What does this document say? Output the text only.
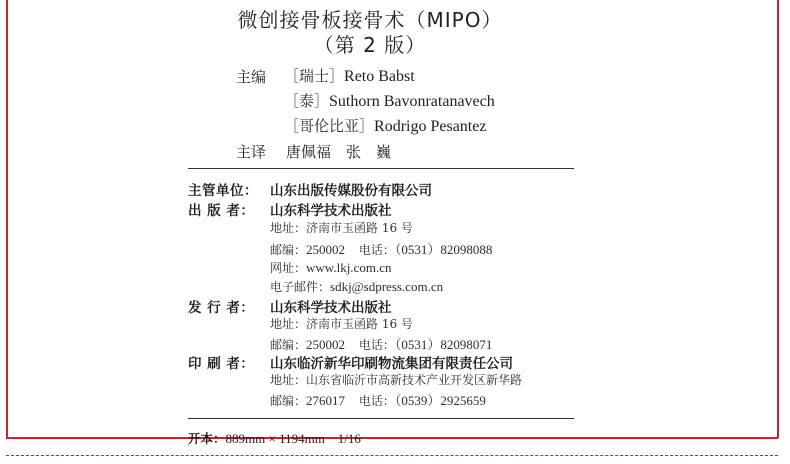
微创接骨板接骨术（MIPO）
（第 2 版）
主编 ［瑞士］Reto Babst
［泰］Suthorn Bavonratanavech
［哥伦比亚］Rodrigo Pesantez
主译 唐佩福　张　巍
主管单位： 山东出版传媒股份有限公司
出 版 者： 山东科学技术出版社
地址：济南市玉函路 16 号
邮编：250002 电话：（0531）82098088
网址：www.lkj.com.cn
电子邮件：sdkj@sdpress.com.cn
发 行 者： 山东科学技术出版社
地址：济南市玉函路 16 号
邮编：250002 电话：（0531）82098071
印 刷 者： 山东临沂新华印刷物流集团有限责任公司
地址：山东省临沂市高新技术产业开发区新华路
邮编：276017 电话：（0539）2925659
开本：889mm × 1194mm　1/16
